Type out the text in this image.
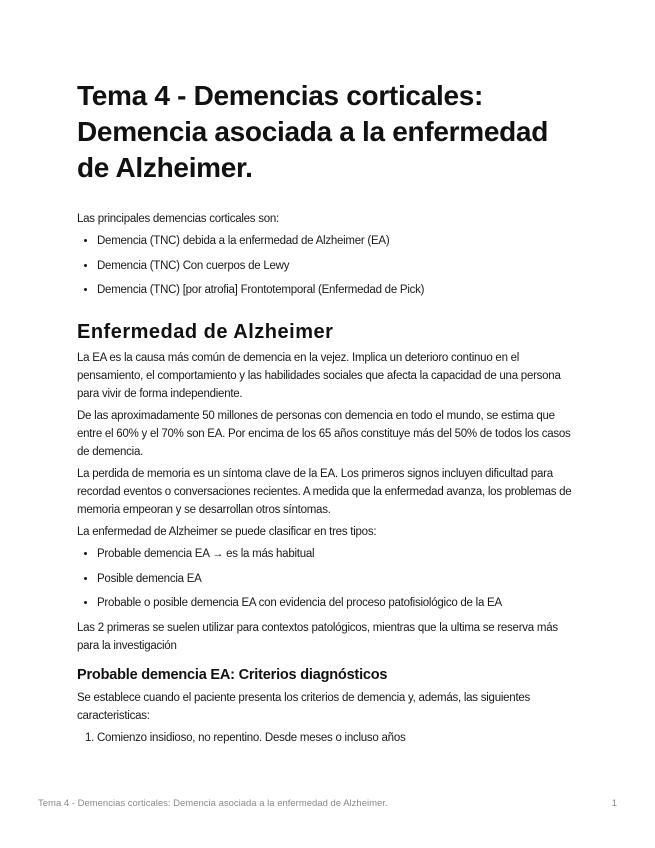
Tema 4 - Demencias corticales: Demencia asociada a la enfermedad de Alzheimer.

Las principales demencias corticales son:

• Demencia (TNC) debida a la enfermedad de Alzheimer (EA)
• Demencia (TNC) Con cuerpos de Lewy
• Demencia (TNC) [por atrofia] Frontotemporal (Enfermedad de Pick)
Enfermedad de Alzheimer

La EA es la causa más común de demencia en la vejez. Implica un deterioro continuo en el pensamiento, el comportamiento y las habilidades sociales que afecta la capacidad de una persona para vivir de forma independiente.

De las aproximadamente 50 millones de personas con demencia en todo el mundo, se estima que entre el 60% y el 70% son EA. Por encima de los 65 años constituye más del 50% de todos los casos de demencia.

La perdida de memoria es un síntoma clave de la EA. Los primeros signos incluyen dificultad para recordad eventos o conversaciones recientes. A medida que la enfermedad avanza, los problemas de memoria empeoran y se desarrollan otros síntomas.

La enfermedad de Alzheimer se puede clasificar en tres tipos:

• Probable demencia EA → es la más habitual
• Posible demencia EA
• Probable o posible demencia EA con evidencia del proceso patofisiológico de la EA

Las 2 primeras se suelen utilizar para contextos patológicos, mientras que la ultima se reserva más para la investigación

Probable demencia EA: Criterios diagnósticos

Se establece cuando el paciente presenta los criterios de demencia y, además, las siguientes caracteristicas:

1. Comienzo insidioso, no repentino. Desde meses o incluso años
Tema 4 - Demencias corticales: Demencia asociada a la enfermedad de Alzheimer.	1
